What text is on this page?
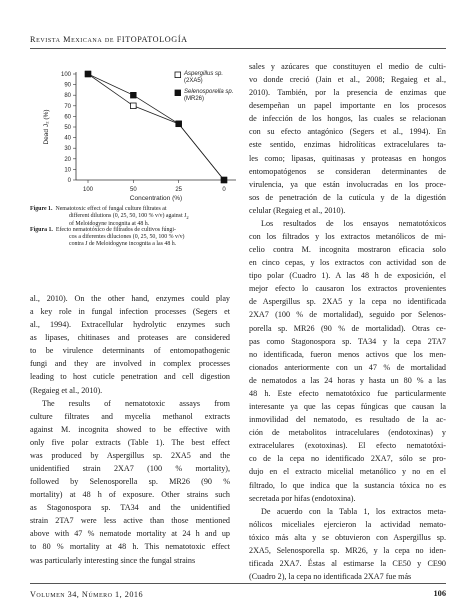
Revista Mexicana de FITOPATOLOGÍA
0
10
20
30
40
50
60
70
80
90
100
100	50	25	0
Aspergillus sp.
(2XA5)
Selenosporella sp.
(MR26)
Dead J₂ (%)
Concentration (%)
Figure 1. Nematotoxic effect of fungal culture filtrates at
different dilutions (0, 25, 50, 100 % v/v) against $J_2$
of Meloidogyne incognita at 48 h.
Figura 1. Efecto nematotóxico de filtrados de cultivos fúngi-
cos a diferentes diluciones (0, 25, 50, 100 % v/v)
contra J de Meloidogyne incognita a las 48 h.
al., 2010). On the other hand, enzymes could play
a key role in fungal infection processes (Segers et
al., 1994). Extracellular hydrolytic enzymes such
as lipases, chitinases and proteases are considered
to be virulence determinants of entomopathogenic
fungi and they are involved in complex processes
leading to host cuticle penetration and cell digestion
(Regaieg et al., 2010).
The results of nematotoxic assays from
culture filtrates and mycelia methanol extracts
against M. incognita showed to be effective with
only five polar extracts (Table 1). The best effect
was produced by Aspergillus sp. 2XA5 and the
unidentified strain 2XA7 (100 % mortality),
followed by Selenosporella sp. MR26 (90 %
mortality) at 48 h of exposure. Other strains such
as Stagonospora sp. TA34 and the unidentified
strain 2TA7 were less active than those mentioned
above with 47 % nematode mortality at 24 h and up
to 80 % mortality at 48 h. This nematotoxic effect
was particularly interesting since the fungal strains
sales y azúcares que constituyen el medio de culti-
vo donde creció (Jain et al., 2008; Regaieg et al.,
2010). También, por la presencia de enzimas que
desempeñan un papel importante en los procesos
de infección de los hongos, las cuales se relacionan
con su efecto antagónico (Segers et al., 1994). En
este sentido, enzimas hidrolíticas extracelulares ta-
les como; lipasas, quitinasas y proteasas en hongos
entomopatógenos se consideran determinantes de
virulencia, ya que están involucradas en los proce-
sos de penetración de la cutícula y de la digestión
celular (Regaieg et al., 2010).
Los resultados de los ensayos nematotóxicos
con los filtrados y los extractos metanólicos de mi-
celio contra M. incognita mostraron eficacia solo
en cinco cepas, y los extractos con actividad son de
tipo polar (Cuadro 1). A las 48 h de exposición, el
mejor efecto lo causaron los extractos provenientes
de Aspergillus sp. 2XA5 y la cepa no identificada
2XA7 (100 % de mortalidad), seguido por Selenos-
porella sp. MR26 (90 % de mortalidad). Otras ce-
pas como Stagonospora sp. TA34 y la cepa 2TA7
no identificada, fueron menos activos que los men-
cionados anteriormente con un 47 % de mortalidad
de nematodos a las 24 horas y hasta un 80 % a las
48 h. Este efecto nematotóxico fue particularmente
interesante ya que las cepas fúngicas que causan la
inmovilidad del nematodo, es resultado de la ac-
ción de metabolitos intracelulares (endotoxinas) y
extracelulares (exotoxinas). El efecto nematotóxi-
co de la cepa no identificado 2XA7, sólo se pro-
dujo en el extracto micelial metanólico y no en el
filtrado, lo que indica que la sustancia tóxica no es
secretada por hifas (endotoxina).
De acuerdo con la Tabla 1, los extractos meta-
nólicos miceliales ejercieron la actividad nemato-
tóxico más alta y se obtuvieron con Aspergillus sp.
2XA5, Selenosporella sp. MR26, y la cepa no iden-
tificada 2XA7. Éstas al estimarse la CE50 y CE90
(Cuadro 2), la cepa no identificada 2XA7 fue más
Volumen 34, Número 1, 2016	106
